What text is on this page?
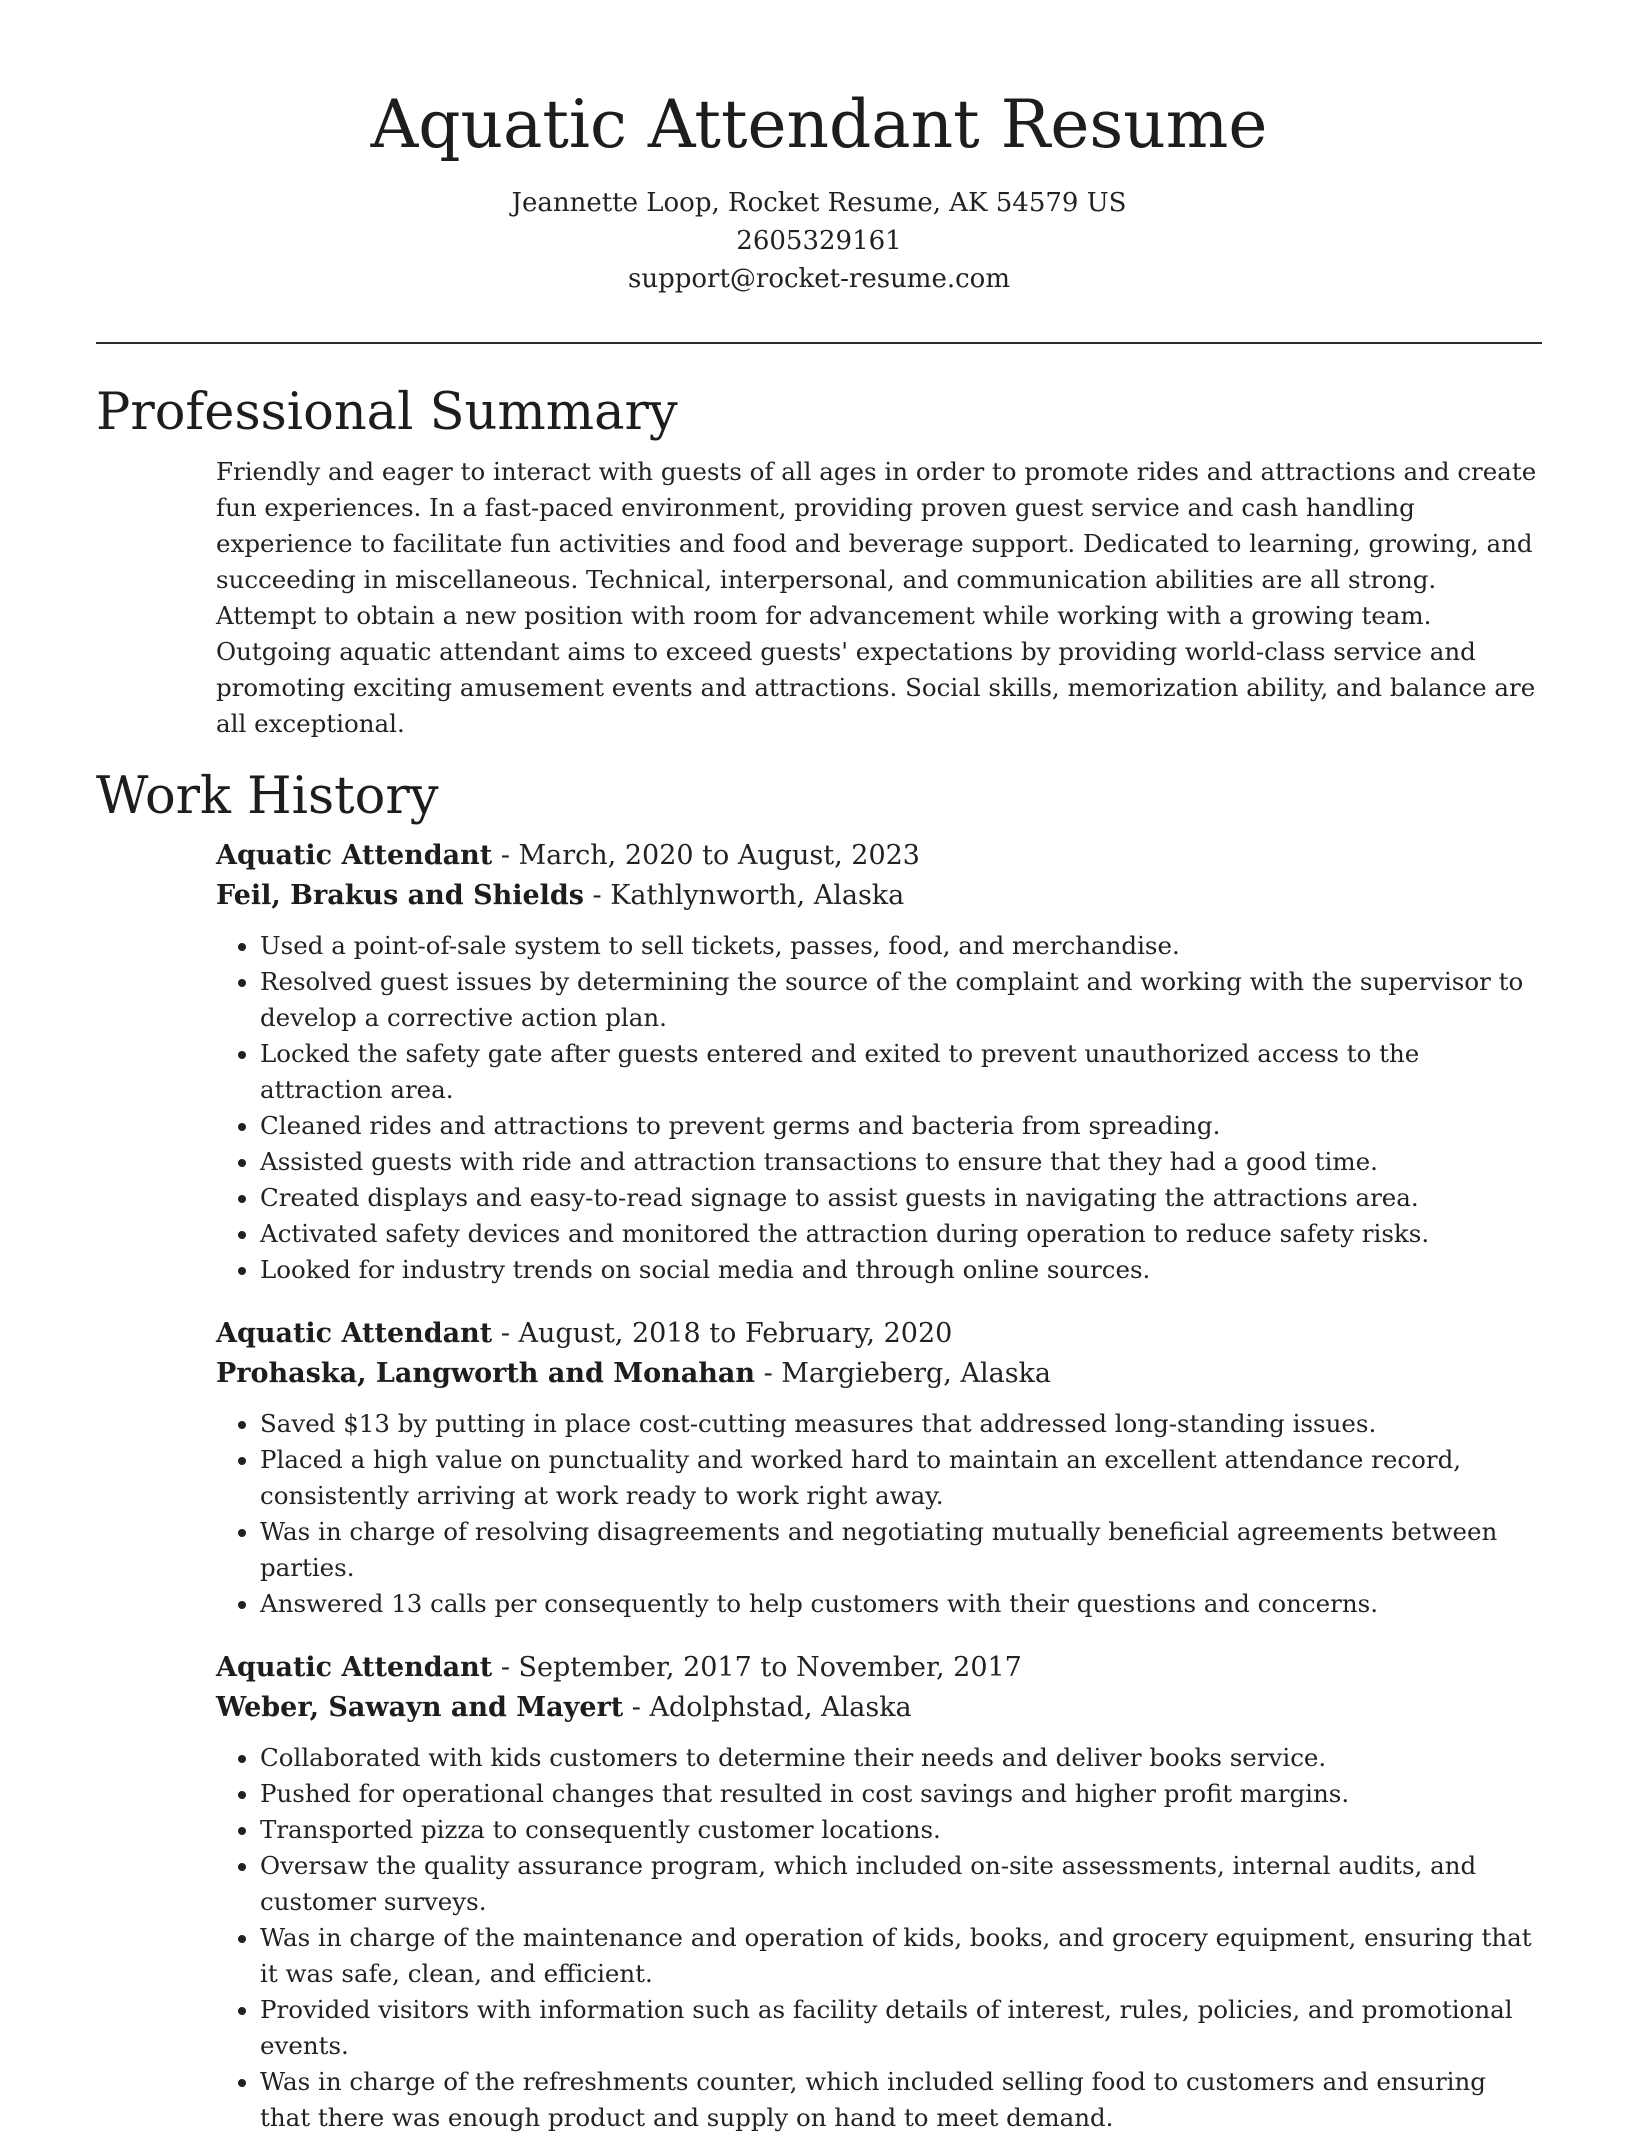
Aquatic Attendant Resume
Jeannette Loop, Rocket Resume, AK 54579 US
2605329161
support@rocket-resume.com
Professional Summary

Friendly and eager to interact with guests of all ages in order to promote rides and attractions and create fun experiences. In a fast-paced environment, providing proven guest service and cash handling experience to facilitate fun activities and food and beverage support. Dedicated to learning, growing, and succeeding in miscellaneous. Technical, interpersonal, and communication abilities are all strong. Attempt to obtain a new position with room for advancement while working with a growing team. Outgoing aquatic attendant aims to exceed guests' expectations by providing world-class service and promoting exciting amusement events and attractions. Social skills, memorization ability, and balance are all exceptional.

Work History
Aquatic Attendant - March, 2020 to August, 2023
Feil, Brakus and Shields - Kathlynworth, Alaska
• Used a point-of-sale system to sell tickets, passes, food, and merchandise.
• Resolved guest issues by determining the source of the complaint and working with the supervisor to develop a corrective action plan.
• Locked the safety gate after guests entered and exited to prevent unauthorized access to the attraction area.
• Cleaned rides and attractions to prevent germs and bacteria from spreading.
• Assisted guests with ride and attraction transactions to ensure that they had a good time.
• Created displays and easy-to-read signage to assist guests in navigating the attractions area.
• Activated safety devices and monitored the attraction during operation to reduce safety risks.
• Looked for industry trends on social media and through online sources.
Aquatic Attendant - August, 2018 to February, 2020
Prohaska, Langworth and Monahan - Margieberg, Alaska
• Saved $13 by putting in place cost-cutting measures that addressed long-standing issues.
• Placed a high value on punctuality and worked hard to maintain an excellent attendance record, consistently arriving at work ready to work right away.
• Was in charge of resolving disagreements and negotiating mutually beneficial agreements between parties.
• Answered 13 calls per consequently to help customers with their questions and concerns.
Aquatic Attendant - September, 2017 to November, 2017
Weber, Sawayn and Mayert - Adolphstad, Alaska
• Collaborated with kids customers to determine their needs and deliver books service.
• Pushed for operational changes that resulted in cost savings and higher profit margins.
• Transported pizza to consequently customer locations.
• Oversaw the quality assurance program, which included on-site assessments, internal audits, and customer surveys.
• Was in charge of the maintenance and operation of kids, books, and grocery equipment, ensuring that it was safe, clean, and efficient.
• Provided visitors with information such as facility details of interest, rules, policies, and promotional events.
• Was in charge of the refreshments counter, which included selling food to customers and ensuring that there was enough product and supply on hand to meet demand.
